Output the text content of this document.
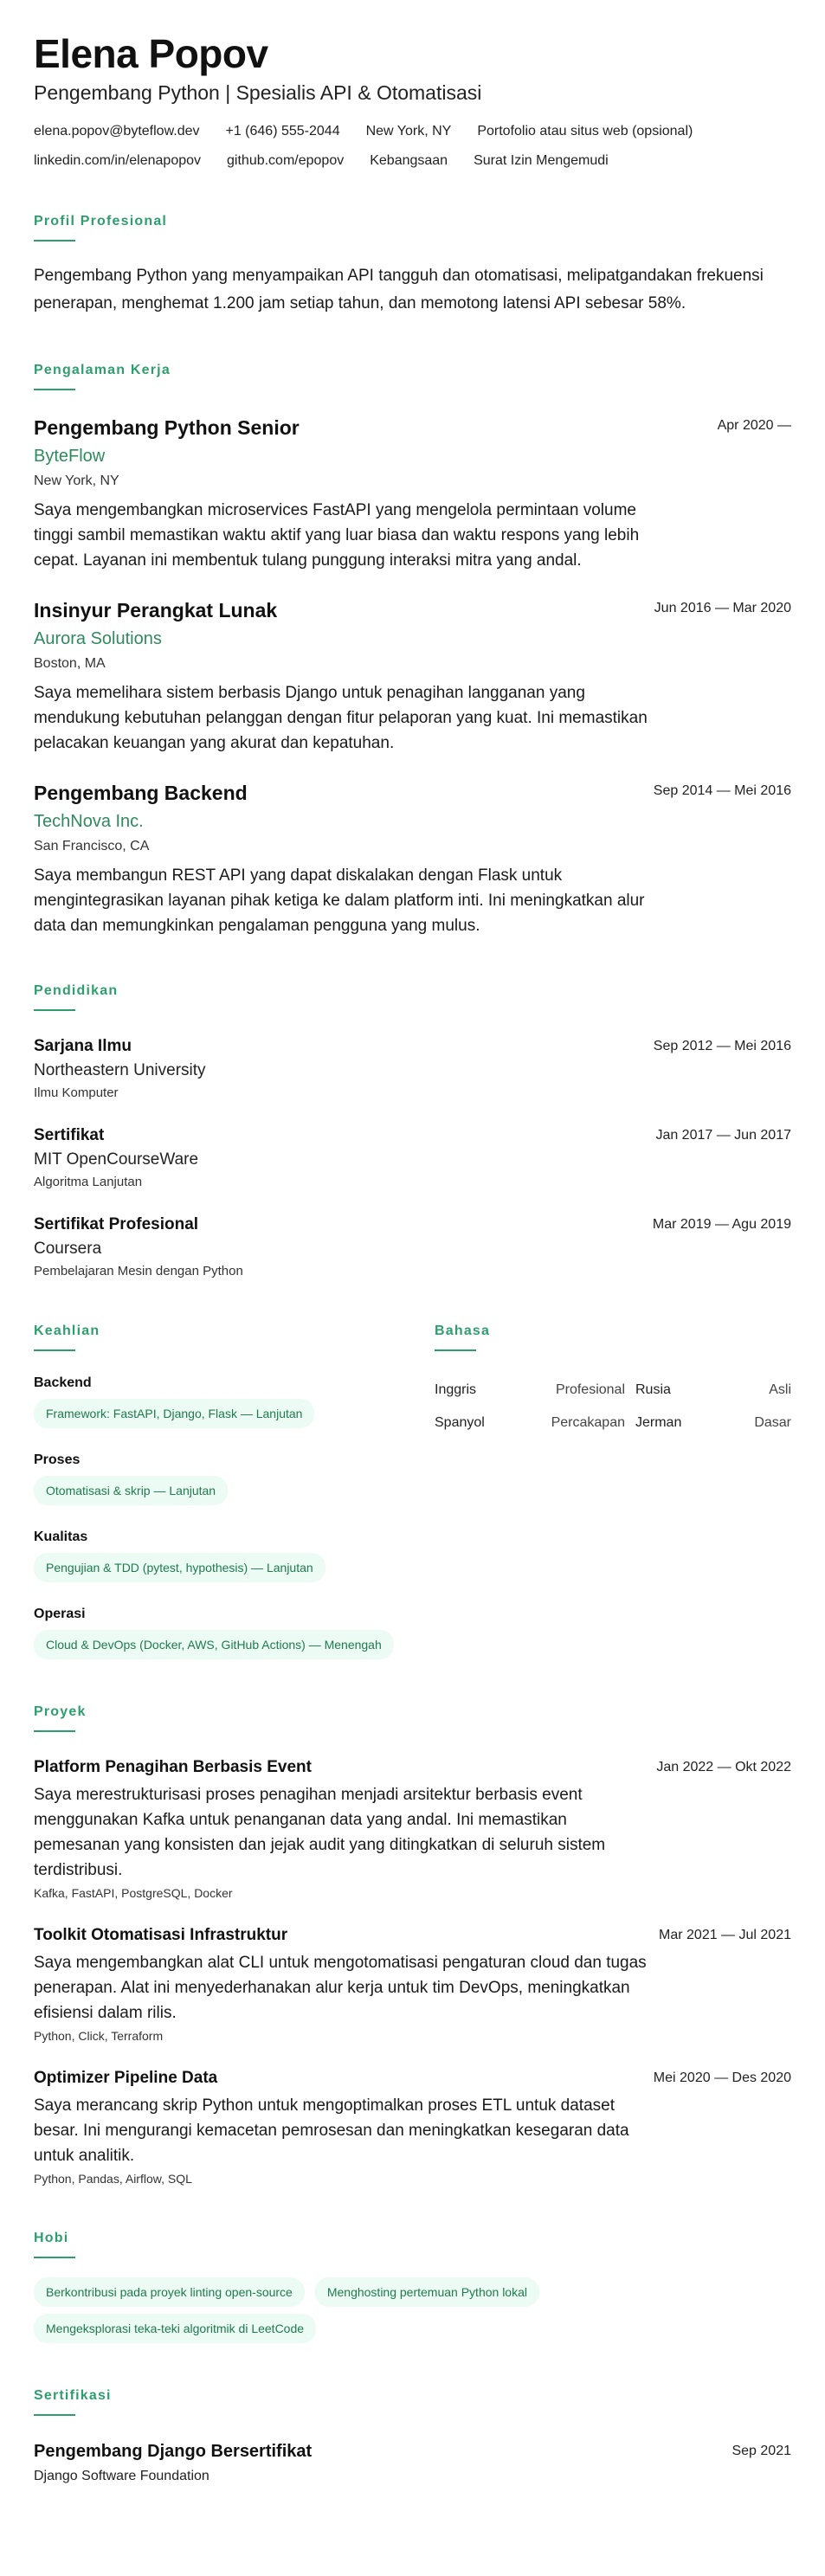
Elena Popov
Pengembang Python | Spesialis API & Otomatisasi
elena.popov@byteflow.dev +1 (646) 555-2044 New York, NY Portofolio atau situs web (opsional)
linkedin.com/in/elenapopov github.com/epopov Kebangsaan Surat Izin Mengemudi
Profil Profesional
Pengembang Python yang menyampaikan API tangguh dan otomatisasi, melipatgandakan frekuensi penerapan, menghemat 1.200 jam setiap tahun, dan memotong latensi API sebesar 58%.
Pengalaman Kerja
Apr 2020 —
Pengembang Python Senior
ByteFlow
New York, NY
Saya mengembangkan microservices FastAPI yang mengelola permintaan volume tinggi sambil memastikan waktu aktif yang luar biasa dan waktu respons yang lebih cepat. Layanan ini membentuk tulang punggung interaksi mitra yang andal.
Jun 2016 — Mar 2020
Insinyur Perangkat Lunak
Aurora Solutions
Boston, MA
Saya memelihara sistem berbasis Django untuk penagihan langganan yang mendukung kebutuhan pelanggan dengan fitur pelaporan yang kuat. Ini memastikan pelacakan keuangan yang akurat dan kepatuhan.
Sep 2014 — Mei 2016
Pengembang Backend
TechNova Inc.
San Francisco, CA
Saya membangun REST API yang dapat diskalakan dengan Flask untuk mengintegrasikan layanan pihak ketiga ke dalam platform inti. Ini meningkatkan alur data dan memungkinkan pengalaman pengguna yang mulus.
Pendidikan
Sep 2012 — Mei 2016
Sarjana Ilmu
Northeastern University
Ilmu Komputer
Jan 2017 — Jun 2017
Sertifikat
MIT OpenCourseWare
Algoritma Lanjutan
Mar 2019 — Agu 2019
Sertifikat Profesional
Coursera
Pembelajaran Mesin dengan Python
Keahlian
Backend
Framework: FastAPI, Django, Flask — Lanjutan
Proses
Otomatisasi & skrip — Lanjutan
Kualitas
Pengujian & TDD (pytest, hypothesis) — Lanjutan
Operasi
Cloud & DevOps (Docker, AWS, GitHub Actions) — Menengah
Bahasa
Inggris	Profesional Rusia	Asli
Spanyol	Percakapan Jerman	Dasar
Proyek
Jan 2022 — Okt 2022
Platform Penagihan Berbasis Event
Saya merestrukturisasi proses penagihan menjadi arsitektur berbasis event menggunakan Kafka untuk penanganan data yang andal. Ini memastikan pemesanan yang konsisten dan jejak audit yang ditingkatkan di seluruh sistem terdistribusi.
Kafka, FastAPI, PostgreSQL, Docker
Mar 2021 — Jul 2021
Toolkit Otomatisasi Infrastruktur
Saya mengembangkan alat CLI untuk mengotomatisasi pengaturan cloud dan tugas penerapan. Alat ini menyederhanakan alur kerja untuk tim DevOps, meningkatkan efisiensi dalam rilis.
Python, Click, Terraform
Mei 2020 — Des 2020
Optimizer Pipeline Data
Saya merancang skrip Python untuk mengoptimalkan proses ETL untuk dataset besar. Ini mengurangi kemacetan pemrosesan dan meningkatkan kesegaran data untuk analitik.
Python, Pandas, Airflow, SQL
Hobi
Berkontribusi pada proyek linting open-source	Menghosting pertemuan Python lokal
Mengeksplorasi teka-teki algoritmik di LeetCode
Sertifikasi
Sep 2021
Pengembang Django Bersertifikat
Django Software Foundation
